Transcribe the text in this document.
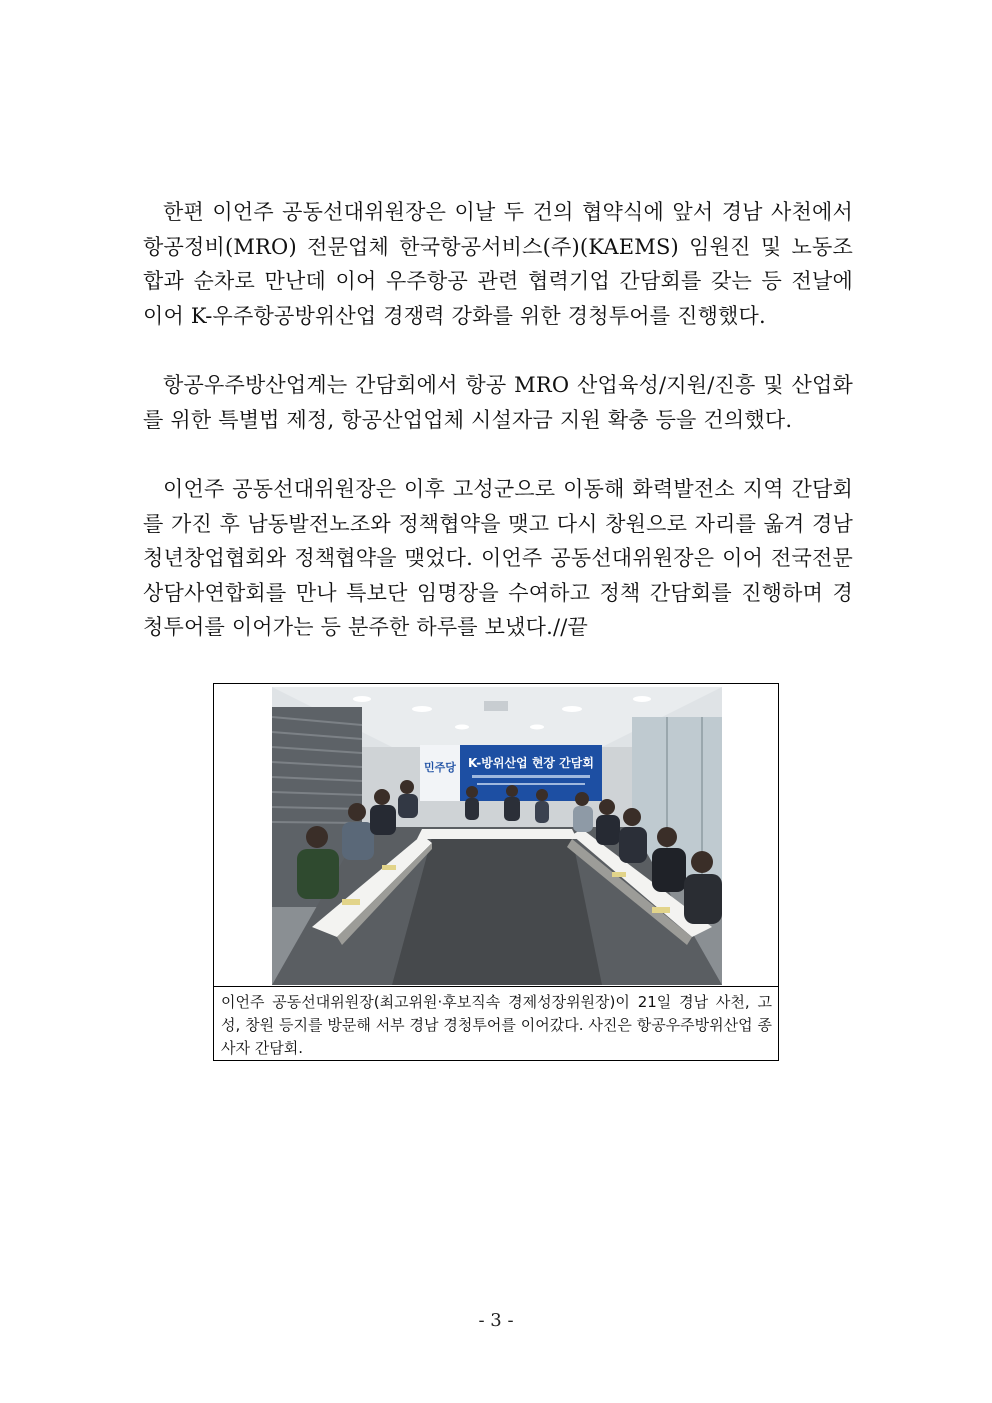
한편 이언주 공동선대위원장은 이날 두 건의 협약식에 앞서 경남 사천에서 항공정비(MRO) 전문업체 한국항공서비스(주)(KAEMS) 임원진 및 노동조합과 순차로 만난데 이어 우주항공 관련 협력기업 간담회를 갖는 등 전날에 이어 K-우주항공방위산업 경쟁력 강화를 위한 경청투어를 진행했다.

항공우주방산업계는 간담회에서 항공 MRO 산업육성/지원/진흥 및 산업화를 위한 특별법 제정, 항공산업업체 시설자금 지원 확충 등을 건의했다.

이언주 공동선대위원장은 이후 고성군으로 이동해 화력발전소 지역 간담회를 가진 후 남동발전노조와 정책협약을 맺고 다시 창원으로 자리를 옮겨 경남청년창업협회와 정책협약을 맺었다. 이언주 공동선대위원장은 이어 전국전문상담사연합회를 만나 특보단 임명장을 수여하고 정책 간담회를 진행하며 경청투어를 이어가는 등 분주한 하루를 보냈다.//끝

민주당 K-방위산업 현장 간담회
이언주 공동선대위원장(최고위원·후보직속 경제성장위원장)이 21일 경남 사천, 고성, 창원 등지를 방문해 서부 경남 경청투어를 이어갔다. 사진은 항공우주방위산업 종사자 간담회.
- 3 -
